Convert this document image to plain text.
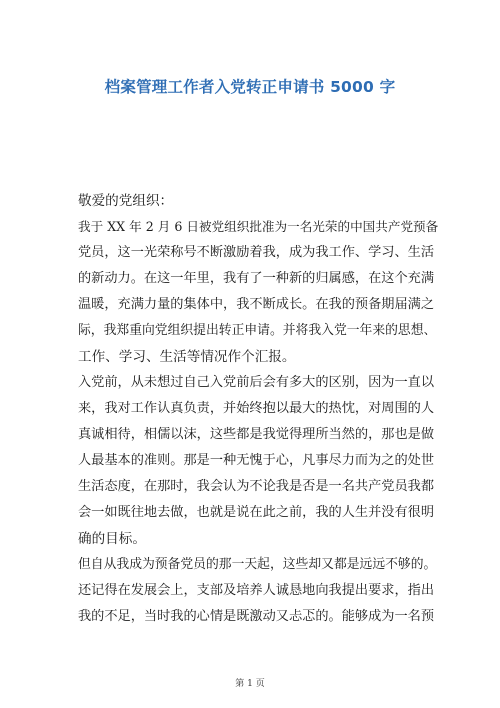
档案管理工作者入党转正申请书 5000 字
敬爱的党组织：
我于 XX 年 2 月 6 日被党组织批准为一名光荣的中国共产党预备
党员，这一光荣称号不断激励着我，成为我工作、学习、生活
的新动力。在这一年里，我有了一种新的归属感，在这个充满
温暖，充满力量的集体中，我不断成长。在我的预备期届满之
际，我郑重向党组织提出转正申请。并将我入党一年来的思想、
工作、学习、生活等情况作个汇报。
入党前，从未想过自己入党前后会有多大的区别，因为一直以
来，我对工作认真负责，并始终抱以最大的热忱，对周围的人
真诚相待，相儒以沫，这些都是我觉得理所当然的，那也是做
人最基本的准则。那是一种无愧于心，凡事尽力而为之的处世
生活态度，在那时，我会认为不论我是否是一名共产党员我都
会一如既往地去做，也就是说在此之前，我的人生并没有很明
确的目标。
但自从我成为预备党员的那一天起，这些却又都是远远不够的。
还记得在发展会上，支部及培养人诚恳地向我提出要求，指出
我的不足，当时我的心情是既激动又忐忑的。能够成为一名预
第 1 页
